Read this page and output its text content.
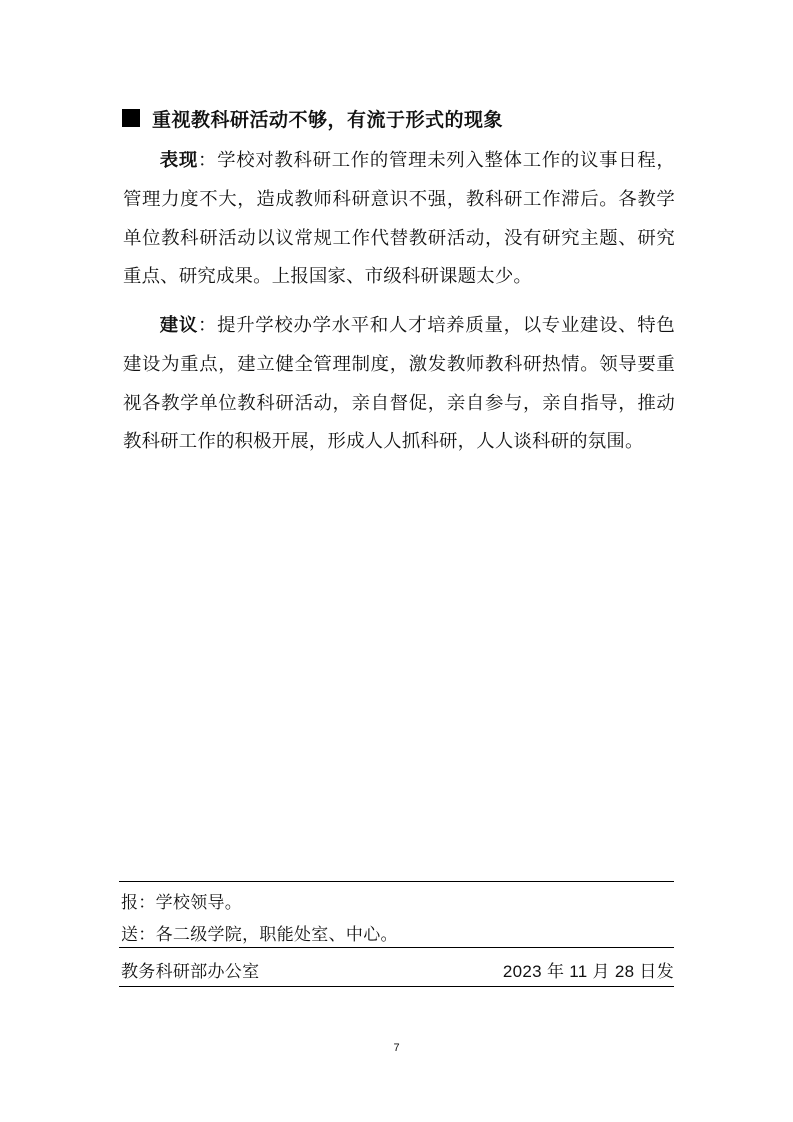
重视教科研活动不够，有流于形式的现象

表现：学校对教科研工作的管理未列入整体工作的议事日程，管理力度不大，造成教师科研意识不强，教科研工作滞后。各教学单位教科研活动以议常规工作代替教研活动，没有研究主题、研究重点、研究成果。上报国家、市级科研课题太少。

建议：提升学校办学水平和人才培养质量，以专业建设、特色建设为重点，建立健全管理制度，激发教师教科研热情。领导要重视各教学单位教科研活动，亲自督促，亲自参与，亲自指导，推动教科研工作的积极开展，形成人人抓科研，人人谈科研的氛围。

报：学校领导。
送：各二级学院，职能处室、中心。
教务科研部办公室	2023 年 11 月 28 日发
7
